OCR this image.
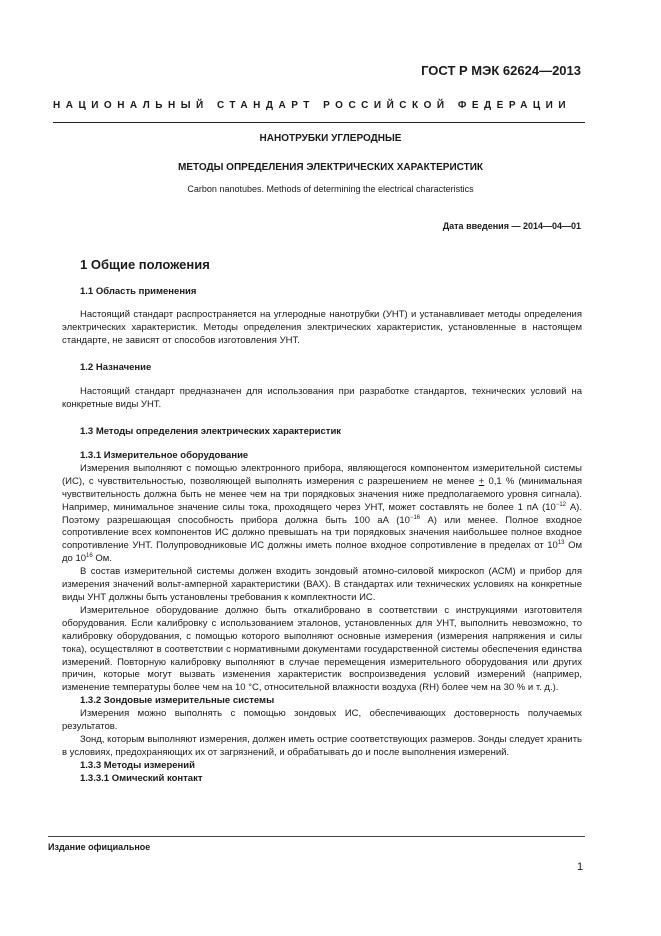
ГОСТ Р МЭК 62624—2013
НАЦИОНАЛЬНЫЙ СТАНДАРТ РОССИЙСКОЙ ФЕДЕРАЦИИ
НАНОТРУБКИ УГЛЕРОДНЫЕ
МЕТОДЫ ОПРЕДЕЛЕНИЯ ЭЛЕКТРИЧЕСКИХ ХАРАКТЕРИСТИК
Carbon nanotubes. Methods of determining the electrical characteristics
Дата введения — 2014—04—01
1 Общие положения
1.1 Область применения

Настоящий стандарт распространяется на углеродные нанотрубки (УНТ) и устанавливает методы определения электрических характеристик. Методы определения электрических характеристик, установленные в настоящем стандарте, не зависят от способов изготовления УНТ.

1.2 Назначение

Настоящий стандарт предназначен для использования при разработке стандартов, технических условий на конкретные виды УНТ.

1.3 Методы определения электрических характеристик

1.3.1 Измерительное оборудование

Измерения выполняют с помощью электронного прибора, являющегося компонентом измерительной системы (ИС), с чувствительностью, позволяющей выполнять измерения с разрешением не менее + 0,1 % (минимальная чувствительность должна быть не менее чем на три порядковых значения ниже предполагаемого уровня сигнала). Например, минимальное значение силы тока, проходящего через УНТ, может составлять не более 1 пА ($10^{-12}$ А). Поэтому разрешающая способность прибора должна быть 100 аА ($10^{-16}$ А) или менее. Полное входное сопротивление всех компонентов ИС должно превышать на три порядковых значения наибольшее полное входное сопротивление УНТ. Полупроводниковые ИС должны иметь полное входное сопротивление в пределах от $10^{13}$ Ом до $10^{16}$ Ом.

В состав измерительной системы должен входить зондовый атомно-силовой микроскоп (АСМ) и прибор для измерения значений вольт-амперной характеристики (ВАХ). В стандартах или технических условиях на конкретные виды УНТ должны быть установлены требования к комплектности ИС.

Измерительное оборудование должно быть откалибровано в соответствии с инструкциями изготовителя оборудования. Если калибровку с использованием эталонов, установленных для УНТ, выполнить невозможно, то калибровку оборудования, с помощью которого выполняют основные измерения (измерения напряжения и силы тока), осуществляют в соответствии с нормативными документами государственной системы обеспечения единства измерений. Повторную калибровку выполняют в случае перемещения измерительного оборудования или других причин, которые могут вызвать изменения характеристик воспроизведения условий измерений (например, изменение температуры более чем на 10 °С, относительной влажности воздуха (RH) более чем на 30 % и т. д.).

1.3.2 Зондовые измерительные системы

Измерения можно выполнять с помощью зондовых ИС, обеспечивающих достоверность получаемых результатов.

Зонд, которым выполняют измерения, должен иметь острие соответствующих размеров. Зонды следует хранить в условиях, предохраняющих их от загрязнений, и обрабатывать до и после выполнения измерений.

1.3.3 Методы измерений

1.3.3.1 Омический контакт

Издание официальное
1
